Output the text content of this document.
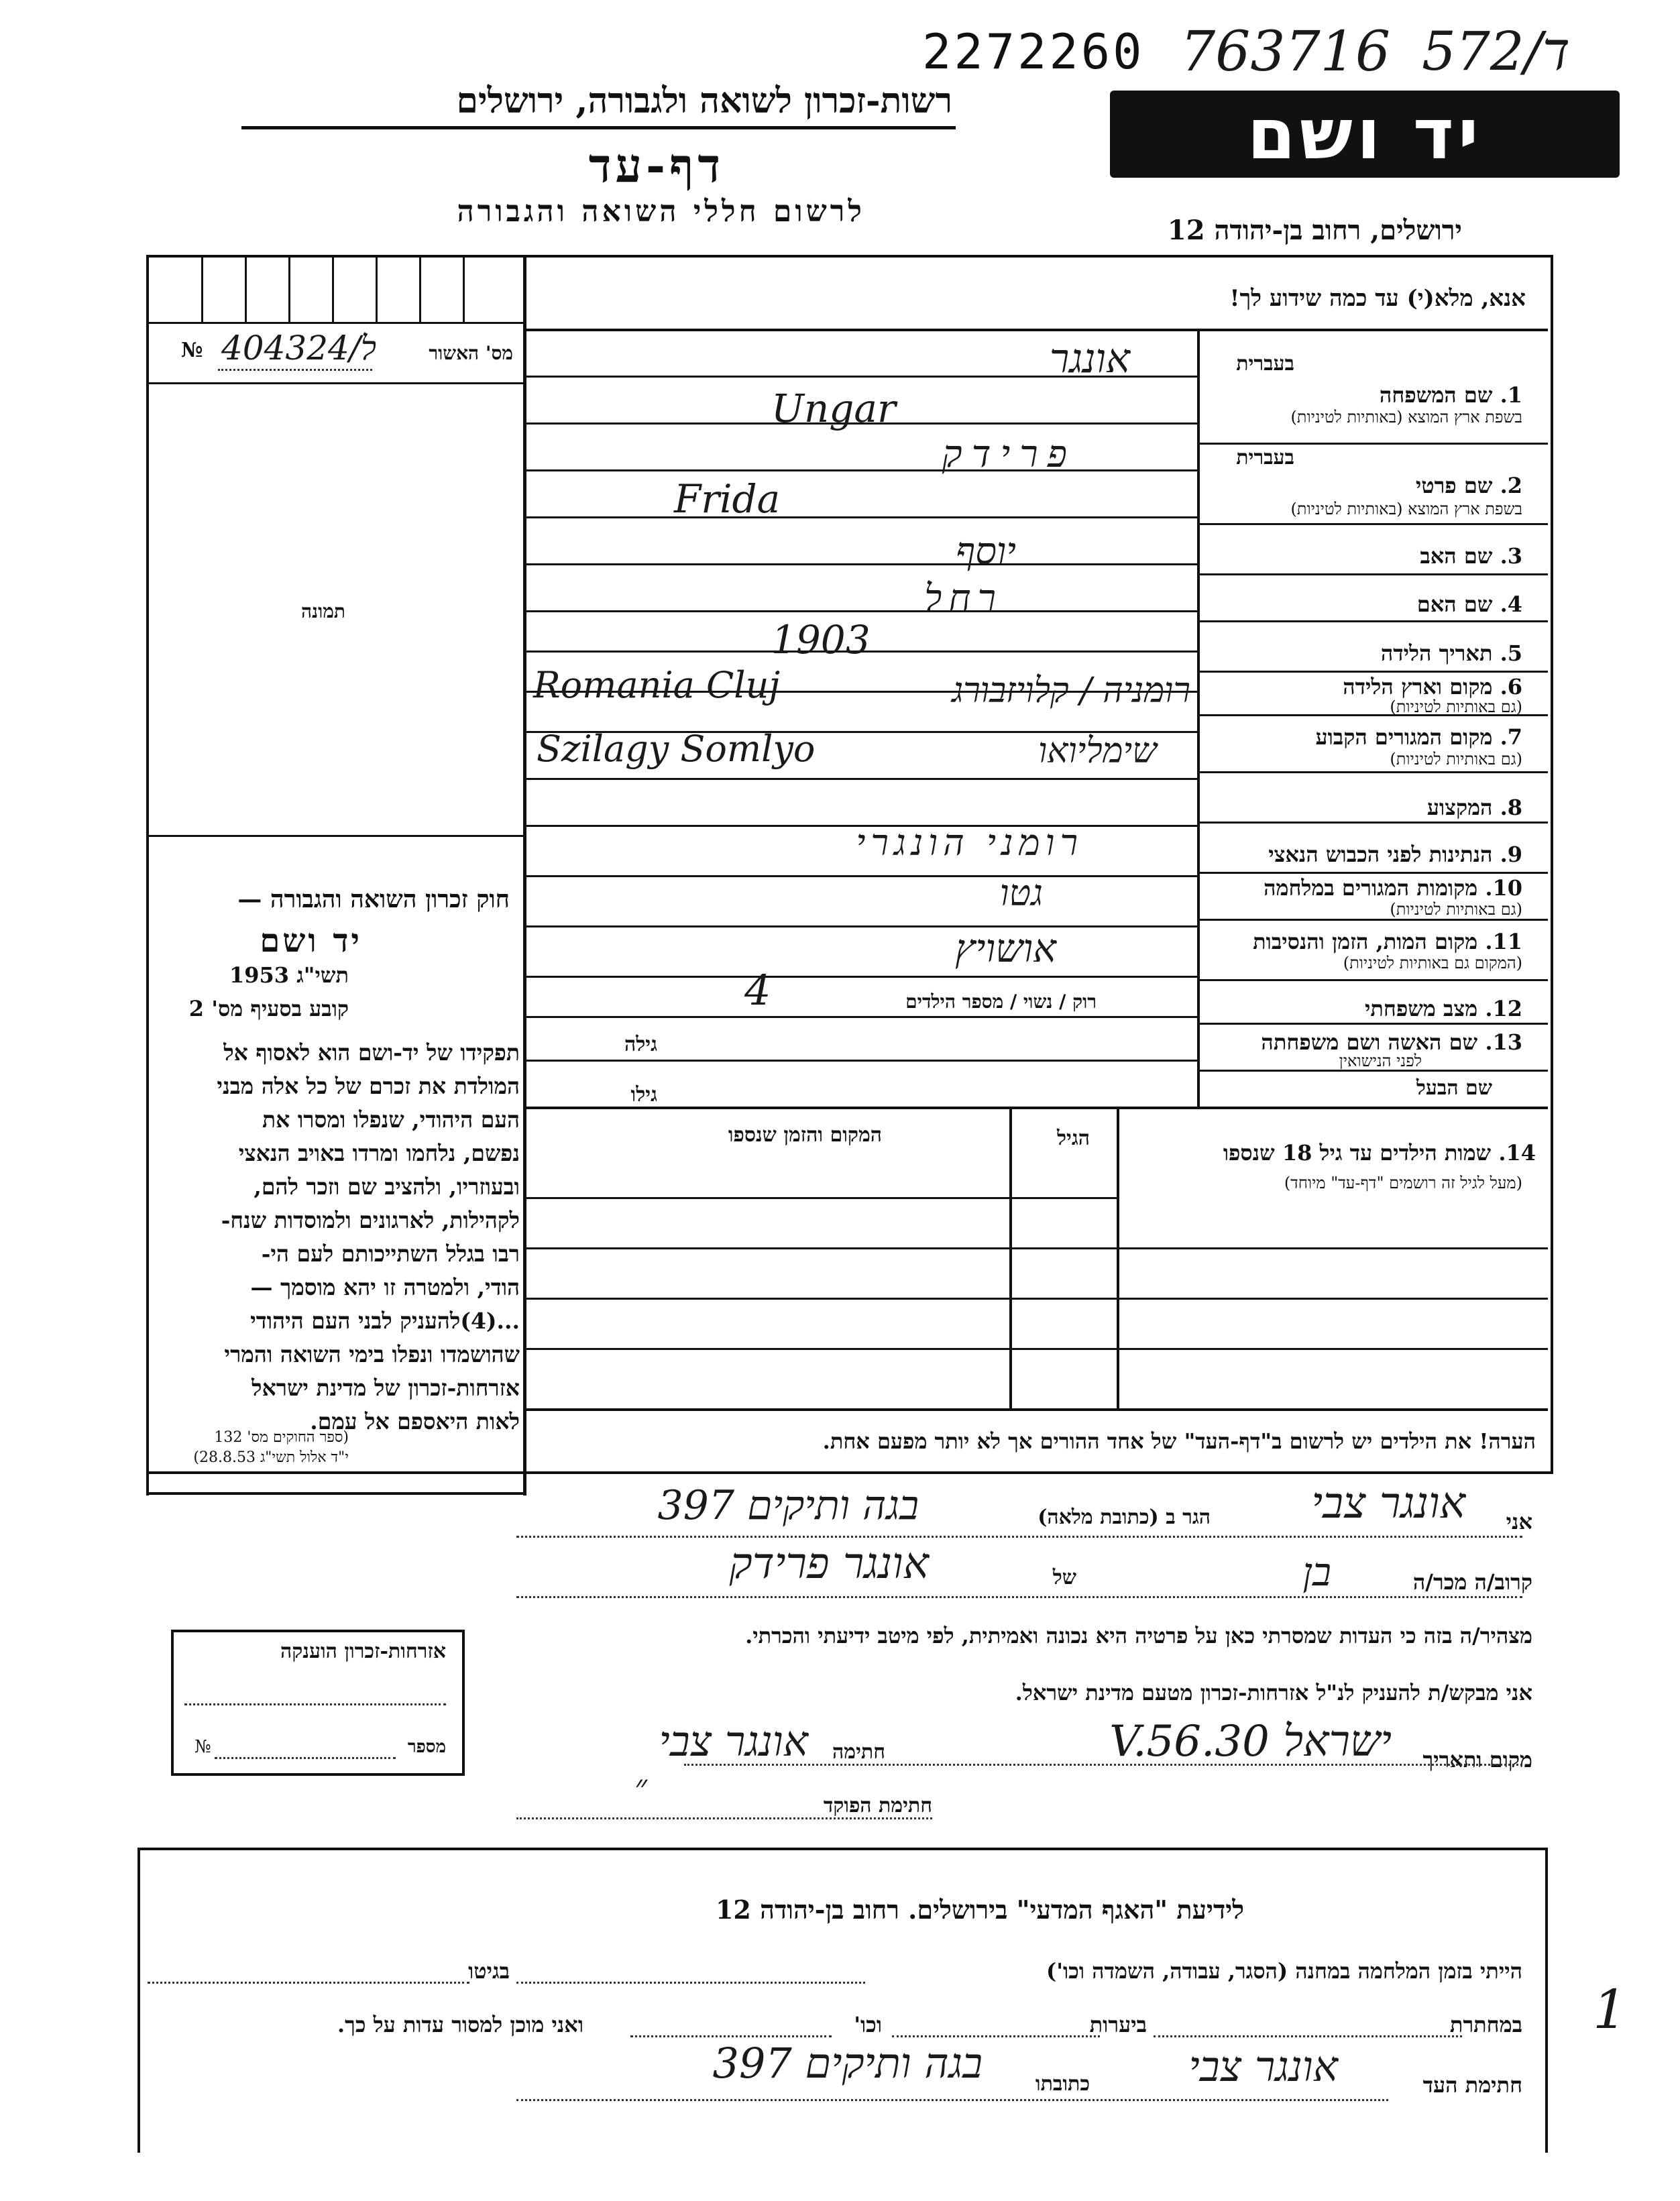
2272260 763716 572/ד
יד ושם
רשות-זכרון לשואה ולגבורה, ירושלים
דף-עד
לרשום חללי השואה והגבורה
ירושלים, רחוב בן-יהודה 12
מס' האשור
№ 404324/ל
תמונה
חוק זכרון השואה והגבורה —
יד ושם
תשי"ג 1953
קובע בסעיף מס' 2
תפקידו של יד-ושם הוא לאסוף אל
המולדת את זכרם של כל אלה מבני
העם היהודי, שנפלו ומסרו את
נפשם, נלחמו ומרדו באויב הנאצי
ובעוזריו, ולהציב שם וזכר להם,
לקהילות, לארגונים ולמוסדות שנח-
רבו בגלל השתייכותם לעם הי-
הודי, ולמטרה זו יהא מוסמך —
...(4)להעניק לבני העם היהודי
שהושמדו ונפלו בימי השואה והמרי
אזרחות-זכרון של מדינת ישראל
לאות היאספם אל עמם.
(ספר החוקים מס' 132
י"ד אלול תשי"ג 28.8.53)
אנא, מלא(י) עד כמה שידוע לך!
בעברית
1. שם המשפחה
בשפת ארץ המוצא (באותיות לטיניות)
בעברית
2. שם פרטי
בשפת ארץ המוצא (באותיות לטיניות)
3. שם האב
4. שם האם
5. תאריך הלידה
6. מקום וארץ הלידה
(גם באותיות לטיניות)
7. מקום המגורים הקבוע
(גם באותיות לטיניות)
8. המקצוע
9. הנתינות לפני הכבוש הנאצי
10. מקומות המגורים במלחמה
(גם באותיות לטיניות)
11. מקום המות, הזמן והנסיבות
(המקום גם באותיות לטיניות)
12. מצב משפחתי
13. שם האשה ושם משפחתה
לפני הנישואין
שם הבעל
אונגר
Ungar
פרידק
Frida
יוסף
רחל
1903
רומניה / קלויזבורג
Romania Cluj
שימליואו
Szilagy Somlyo
רומני הונגרי
גטו
אושויץ
רוק / נשוי / מספר הילדים
4
גילה
גילו
14. שמות הילדים עד גיל 18 שנספו
(מעל לגיל זה רושמים "דף-עד" מיוחד)
הגיל
המקום והזמן שנספו
הערה! את הילדים יש לרשום ב"דף-העד" של אחד ההורים אך לא יותר מפעם אחת.
אני
אונגר צבי
הגר ב (כתובת מלאה)
בגה ותיקים 397
קרוב/ה מכר/ה
בן
של
אונגר פרידק
מצהיר/ה בזה כי העדות שמסרתי כאן על פרטיה היא נכונה ואמיתית, לפי מיטב ידיעתי והכרתי.
אני מבקש/ת להעניק לנ"ל אזרחות-זכרון מטעם מדינת ישראל.
מקום ותאריך
ישראל 30.V.56
חתימה
אונגר צבי
חתימת הפוקד
״
אזרחות-זכרון הוענקה
מספר
№
לידיעת "האגף המדעי" בירושלים. רחוב בן-יהודה 12
הייתי בזמן המלחמה במחנה (הסגר, עבודה, השמדה וכו')
בגיטו
במחתרת
ביערות
וכו'
ואני מוכן למסור עדות על כך.
חתימת העד
אונגר צבי
כתובתו
בגה ותיקים 397
1
